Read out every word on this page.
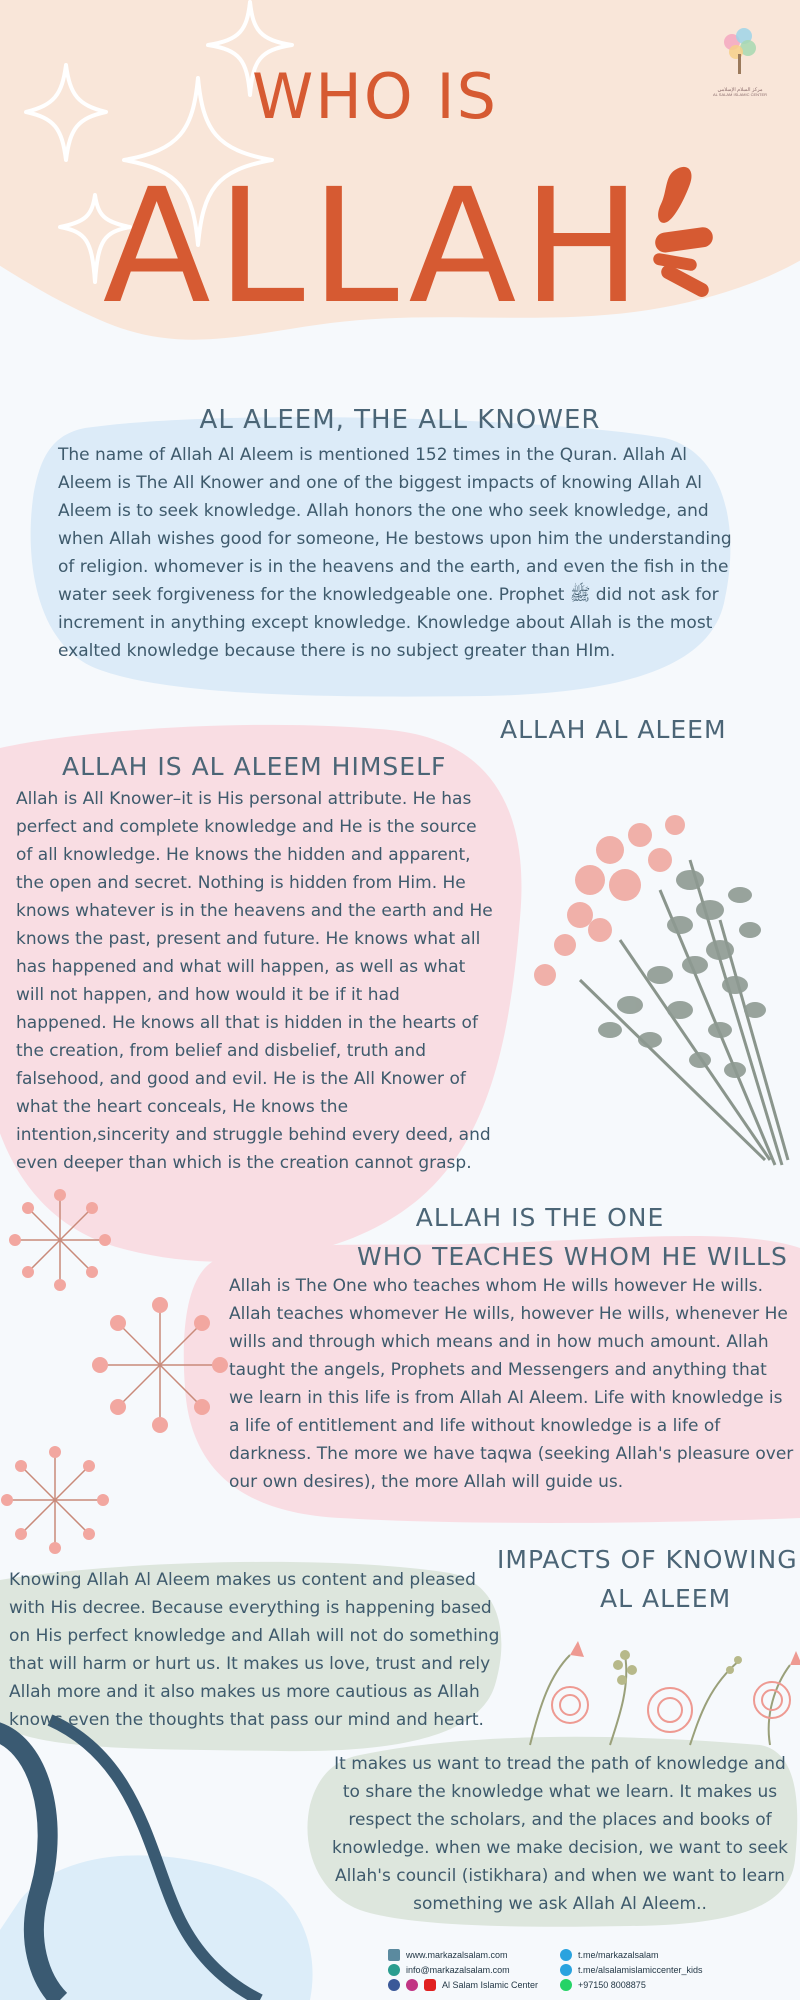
WHO IS
ALLAH
مركز السلام الإسلامي
AL SALAM ISLAMIC CENTER
AL ALEEM, THE ALL KNOWER
The name of Allah Al Aleem is mentioned 152 times in the Quran. Allah Al Aleem is The All Knower and one of the biggest impacts of knowing Allah Al Aleem is to seek knowledge. Allah honors the one who seek knowledge, and when Allah wishes good for someone, He bestows upon him the understanding of religion. whomever is in the heavens and the earth, and even the fish in the water seek forgiveness for the knowledgeable one. Prophet ﷺ did not ask for increment in anything except knowledge. Knowledge about Allah is the most exalted knowledge because there is no subject greater than HIm.
ALLAH AL ALEEM
ALLAH IS AL ALEEM HIMSELF
Allah is All Knower–it is His personal attribute. He has perfect and complete knowledge and He is the source of all knowledge. He knows the hidden and apparent, the open and secret. Nothing is hidden from Him. He knows whatever is in the heavens and the earth and He knows the past, present and future. He knows what all has happened and what will happen, as well as what will not happen, and how would it be if it had happened. He knows all that is hidden in the hearts of the creation, from belief and disbelief, truth and falsehood, and good and evil. He is the All Knower of what the heart conceals, He knows the intention,sincerity and struggle behind every deed, and even deeper than which is the creation cannot grasp.
ALLAH IS THE ONE
WHO TEACHES WHOM HE WILLS
Allah is The One who teaches whom He wills however He wills. Allah teaches whomever He wills, however He wills, whenever He wills and through which means and in how much amount. Allah taught the angels, Prophets and Messengers and anything that we learn in this life is from Allah Al Aleem. Life with knowledge is a life of entitlement and life without knowledge is a life of darkness. The more we have taqwa (seeking Allah's pleasure over our own desires), the more Allah will guide us.
Knowing Allah Al Aleem makes us content and pleased with His decree. Because everything is happening based on His perfect knowledge and Allah will not do something that will harm or hurt us. It makes us love, trust and rely Allah more and it also makes us more cautious as Allah knows even the thoughts that pass our mind and heart.
IMPACTS OF KNOWING
AL ALEEM
It makes us want to tread the path of knowledge and to share the knowledge what we learn. It makes us respect the scholars, and the places and books of knowledge. when we make decision, we want to seek Allah's council (istikhara) and when we want to learn something we ask Allah Al Aleem..
www.markazalsalam.com
info@markazalsalam.com
Al Salam Islamic Center
t.me/markazalsalam
t.me/alsalamislamiccenter_kids
+97150 8008875
